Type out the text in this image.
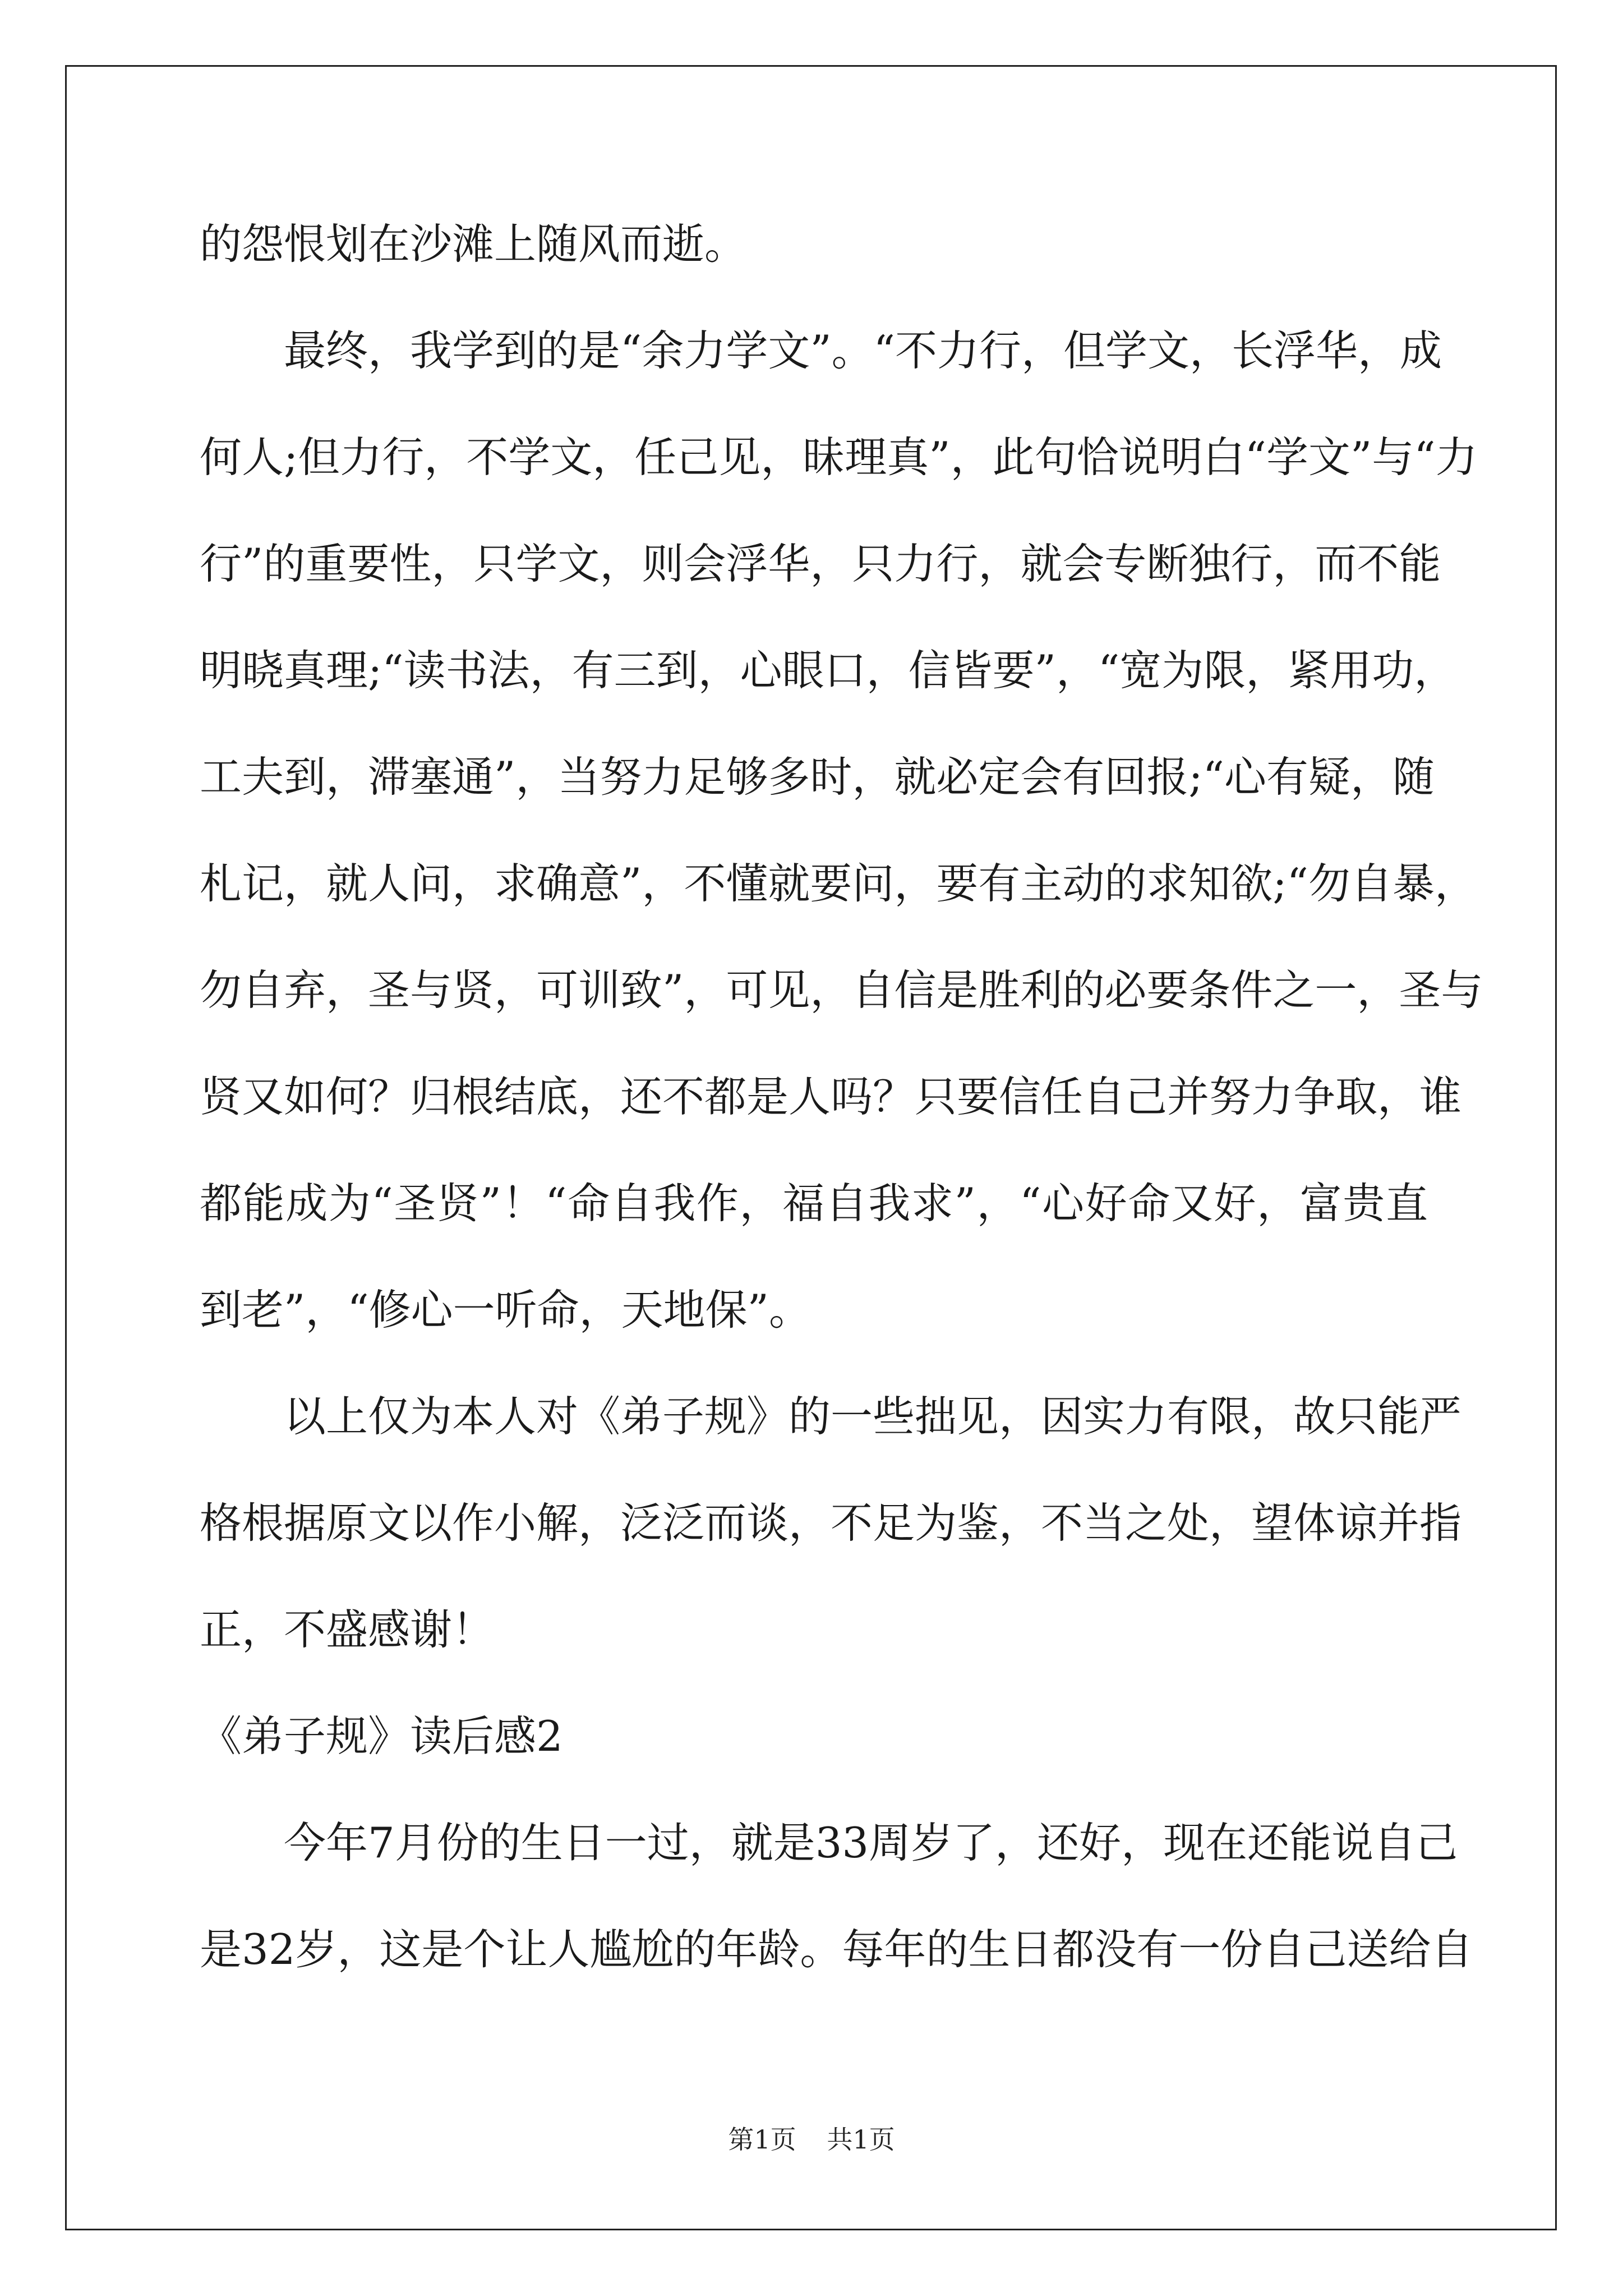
的怨恨划在沙滩上随风而逝。
最终，我学到的是“余力学文”。“不力行，但学文，长浮华，成
何人;但力行，不学文，任己见，昧理真”，此句恰说明白“学文”与“力
行”的重要性，只学文，则会浮华，只力行，就会专断独行，而不能
明晓真理;“读书法，有三到，心眼口，信皆要”，“宽为限，紧用功，
工夫到，滞塞通”，当努力足够多时，就必定会有回报;“心有疑，随
札记，就人问，求确意”，不懂就要问，要有主动的求知欲;“勿自暴，
勿自弃，圣与贤，可训致”，可见，自信是胜利的必要条件之一，圣与
贤又如何？归根结底，还不都是人吗？只要信任自己并努力争取，谁
都能成为“圣贤”！“命自我作，福自我求”，“心好命又好，富贵直
到老”，“修心一听命，天地保”。
以上仅为本人对《弟子规》的一些拙见，因实力有限，故只能严
格根据原文以作小解，泛泛而谈，不足为鉴，不当之处，望体谅并指
正，不盛感谢！
《弟子规》读后感2
今年7月份的生日一过，就是33周岁了，还好，现在还能说自己
是32岁，这是个让人尴尬的年龄。每年的生日都没有一份自己送给自
第1页 共1页
